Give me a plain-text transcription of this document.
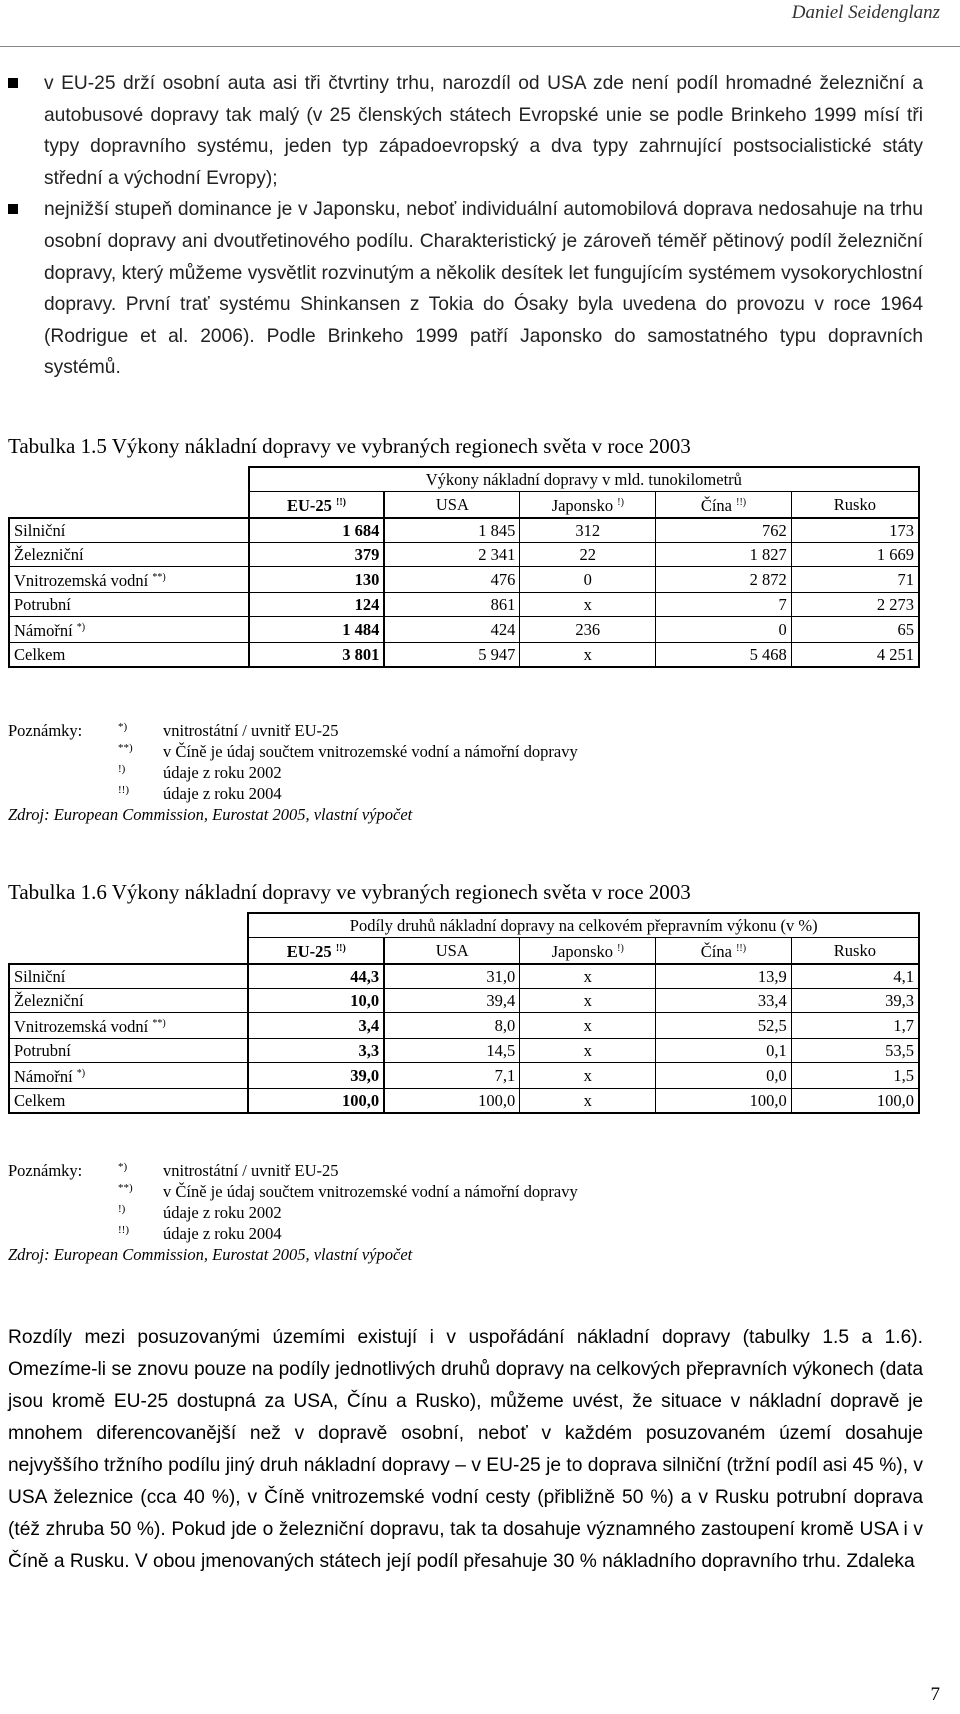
Daniel Seidenglanz
v EU-25 drží osobní auta asi tři čtvrtiny trhu, narozdíl od USA zde není podíl hromadné železniční a autobusové dopravy tak malý (v 25 členských státech Evropské unie se podle Brinkeho 1999 mísí tři typy dopravního systému, jeden typ západoevropský a dva typy zahrnující postsocialistické státy střední a východní Evropy);
nejnižší stupeň dominance je v Japonsku, neboť individuální automobilová doprava nedosahuje na trhu osobní dopravy ani dvoutřetinového podílu. Charakteristický je zároveň téměř pětinový podíl železniční dopravy, který můžeme vysvětlit rozvinutým a několik desítek let fungujícím systémem vysokorychlostní dopravy. První trať systému Shinkansen z Tokia do Ósaky byla uvedena do provozu v roce 1964 (Rodrigue et al. 2006). Podle Brinkeho 1999 patří Japonsko do samostatného typu dopravních systémů.
Tabulka 1.5 Výkony nákladní dopravy ve vybraných regionech světa v roce 2003
	Výkony nákladní dopravy v mld. tunokilometrů				
	EU-25 !!)	USA	Japonsko !)	Čína !!)	Rusko
Silniční	1 684	1 845	312	762	173
Železniční	379	2 341	22	1 827	1 669
Vnitrozemská vodní **)	130	476	0	2 872	71
Potrubní	124	861	x	7	2 273
Námořní *)	1 484	424	236	0	65
Celkem	3 801	5 947	x	5 468	4 251
Poznámky:	*)	vnitrostátní / uvnitř EU-25
**)	v Číně je údaj součtem vnitrozemské vodní a námořní dopravy
!)	údaje z roku 2002
!!)	údaje z roku 2004
Zdroj: European Commission, Eurostat 2005, vlastní výpočet
Tabulka 1.6 Výkony nákladní dopravy ve vybraných regionech světa v roce 2003
	Podíly druhů nákladní dopravy na celkovém přepravním výkonu (v %)				
	EU-25 !!)	USA	Japonsko !)	Čína !!)	Rusko
Silniční	44,3	31,0	x	13,9	4,1
Železniční	10,0	39,4	x	33,4	39,3
Vnitrozemská vodní **)	3,4	8,0	x	52,5	1,7
Potrubní	3,3	14,5	x	0,1	53,5
Námořní *)	39,0	7,1	x	0,0	1,5
Celkem	100,0	100,0	x	100,0	100,0
Poznámky:	*)	vnitrostátní / uvnitř EU-25
**)	v Číně je údaj součtem vnitrozemské vodní a námořní dopravy
!)	údaje z roku 2002
!!)	údaje z roku 2004
Zdroj: European Commission, Eurostat 2005, vlastní výpočet
Rozdíly mezi posuzovanými územími existují i v uspořádání nákladní dopravy (tabulky 1.5 a 1.6). Omezíme-li se znovu pouze na podíly jednotlivých druhů dopravy na celkových přepravních výkonech (data jsou kromě EU-25 dostupná za USA, Čínu a Rusko), můžeme uvést, že situace v nákladní dopravě je mnohem diferencovanější než v dopravě osobní, neboť v každém posuzovaném území dosahuje nejvyššího tržního podílu jiný druh nákladní dopravy – v EU-25 je to doprava silniční (tržní podíl asi 45 %), v USA železnice (cca 40 %), v Číně vnitrozemské vodní cesty (přibližně 50 %) a v Rusku potrubní doprava (též zhruba 50 %). Pokud jde o železniční dopravu, tak ta dosahuje významného zastoupení kromě USA i v Číně a Rusku. V obou jmenovaných státech její podíl přesahuje 30 % nákladního dopravního trhu. Zdaleka
7
